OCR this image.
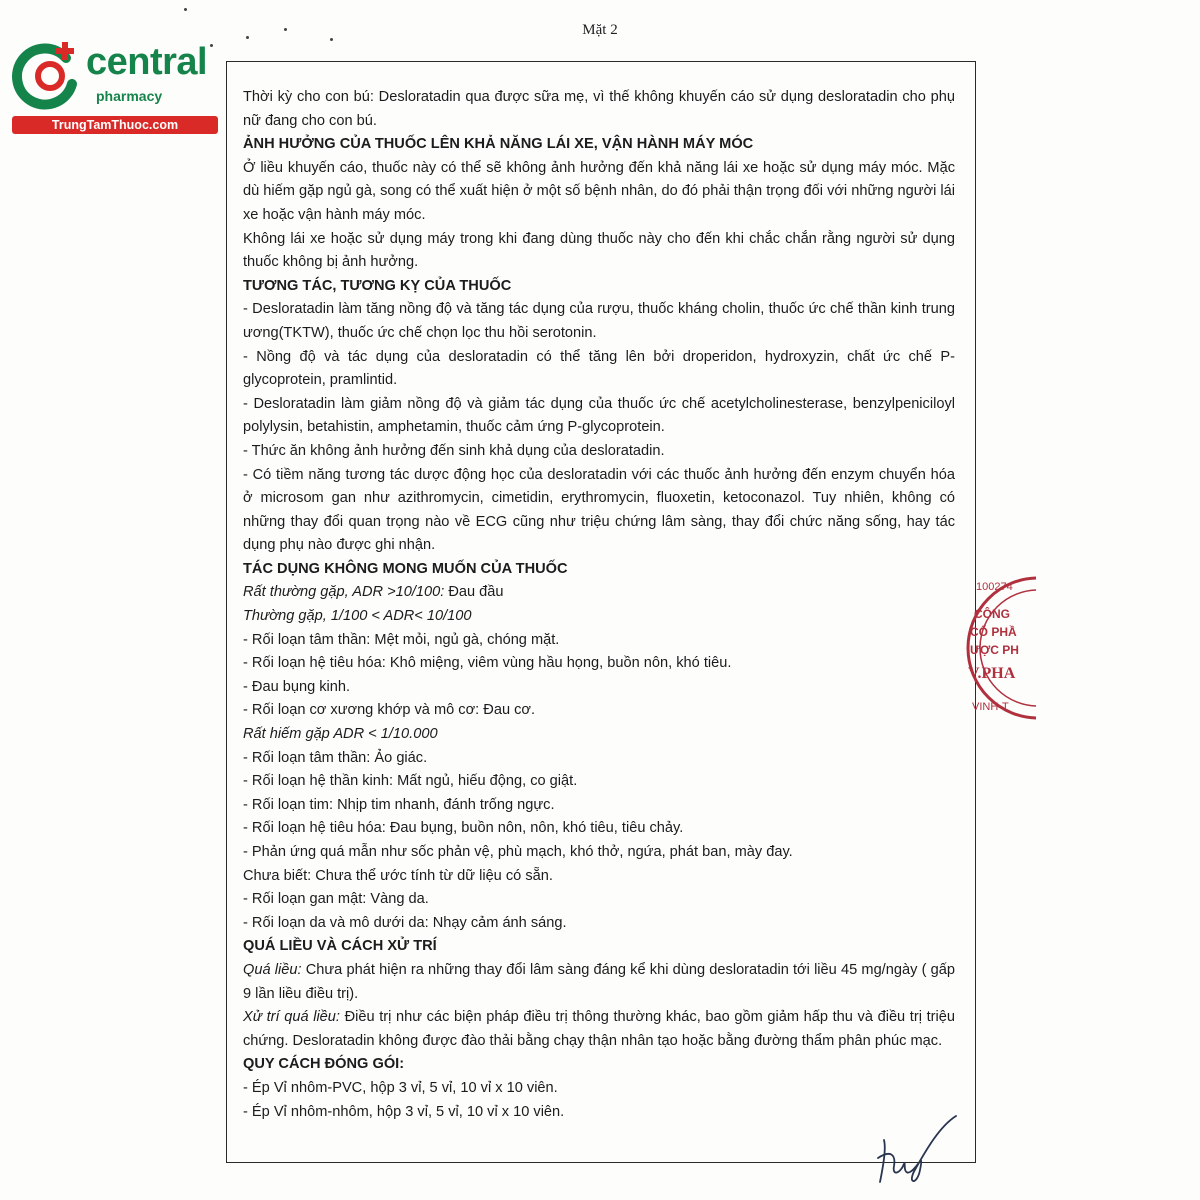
Mặt 2
central
pharmacy
TrungTamThuoc.com

Thời kỳ cho con bú: Desloratadin qua được sữa mẹ, vì thế không khuyến cáo sử dụng desloratadin cho phụ nữ đang cho con bú.

ẢNH HƯỞNG CỦA THUỐC LÊN KHẢ NĂNG LÁI XE, VẬN HÀNH MÁY MÓC

Ở liều khuyến cáo, thuốc này có thể sẽ không ảnh hưởng đến khả năng lái xe hoặc sử dụng máy móc. Mặc dù hiếm gặp ngủ gà, song có thể xuất hiện ở một số bệnh nhân, do đó phải thận trọng đối với những người lái xe hoặc vận hành máy móc.

Không lái xe hoặc sử dụng máy trong khi đang dùng thuốc này cho đến khi chắc chắn rằng người sử dụng thuốc không bị ảnh hưởng.

TƯƠNG TÁC, TƯƠNG KỴ CỦA THUỐC

- Desloratadin làm tăng nồng độ và tăng tác dụng của rượu, thuốc kháng cholin, thuốc ức chế thần kinh trung ương(TKTW), thuốc ức chế chọn lọc thu hồi serotonin.

- Nồng độ và tác dụng của desloratadin có thể tăng lên bởi droperidon, hydroxyzin, chất ức chế P-glycoprotein, pramlintid.

- Desloratadin làm giảm nồng độ và giảm tác dụng của thuốc ức chế acetylcholinesterase, benzylpeniciloyl polylysin, betahistin, amphetamin, thuốc cảm ứng P-glycoprotein.

- Thức ăn không ảnh hưởng đến sinh khả dụng của desloratadin.

- Có tiềm năng tương tác dược động học của desloratadin với các thuốc ảnh hưởng đến enzym chuyển hóa ở microsom gan như azithromycin, cimetidin, erythromycin, fluoxetin, ketoconazol. Tuy nhiên, không có những thay đổi quan trọng nào về ECG cũng như triệu chứng lâm sàng, thay đổi chức năng sống, hay tác dụng phụ nào được ghi nhận.

TÁC DỤNG KHÔNG MONG MUỐN CỦA THUỐC

Rất thường gặp, ADR >10/100: Đau đầu

Thường gặp, 1/100 < ADR< 10/100

- Rối loạn tâm thần: Mệt mỏi, ngủ gà, chóng mặt.

- Rối loạn hệ tiêu hóa: Khô miệng, viêm vùng hầu họng, buồn nôn, khó tiêu.

- Đau bụng kinh.

- Rối loạn cơ xương khớp và mô cơ: Đau cơ.

Rất hiếm gặp ADR < 1/10.000

- Rối loạn tâm thần: Ảo giác.

- Rối loạn hệ thần kinh: Mất ngủ, hiếu động, co giật.

- Rối loạn tim: Nhịp tim nhanh, đánh trống ngực.

- Rối loạn hệ tiêu hóa: Đau bụng, buồn nôn, nôn, khó tiêu, tiêu chảy.

- Phản ứng quá mẫn như sốc phản vệ, phù mạch, khó thở, ngứa, phát ban, mày đay.

Chưa biết: Chưa thể ước tính từ dữ liệu có sẵn.

- Rối loạn gan mật: Vàng da.

- Rối loạn da và mô dưới da: Nhạy cảm ánh sáng.

QUÁ LIỀU VÀ CÁCH XỬ TRÍ

Quá liều: Chưa phát hiện ra những thay đổi lâm sàng đáng kể khi dùng desloratadin tới liều 45 mg/ngày ( gấp 9 lần liều điều trị).

Xử trí quá liều: Điều trị như các biện pháp điều trị thông thường khác, bao gồm giảm hấp thu và điều trị triệu chứng. Desloratadin không được đào thải bằng chạy thận nhân tạo hoặc bằng đường thẩm phân phúc mạc.

QUY CÁCH ĐÓNG GÓI:

- Ép Vỉ nhôm-PVC, hộp 3 vỉ, 5 vỉ, 10 vỉ x 10 viên.

- Ép Vỉ nhôm-nhôm, hộp 3 vỉ, 5 vỉ, 10 vỉ x 10 viên.

100274
CÔNG
CỔ PHẦ
ƯỢC PH
V.PHA
VINH-T
